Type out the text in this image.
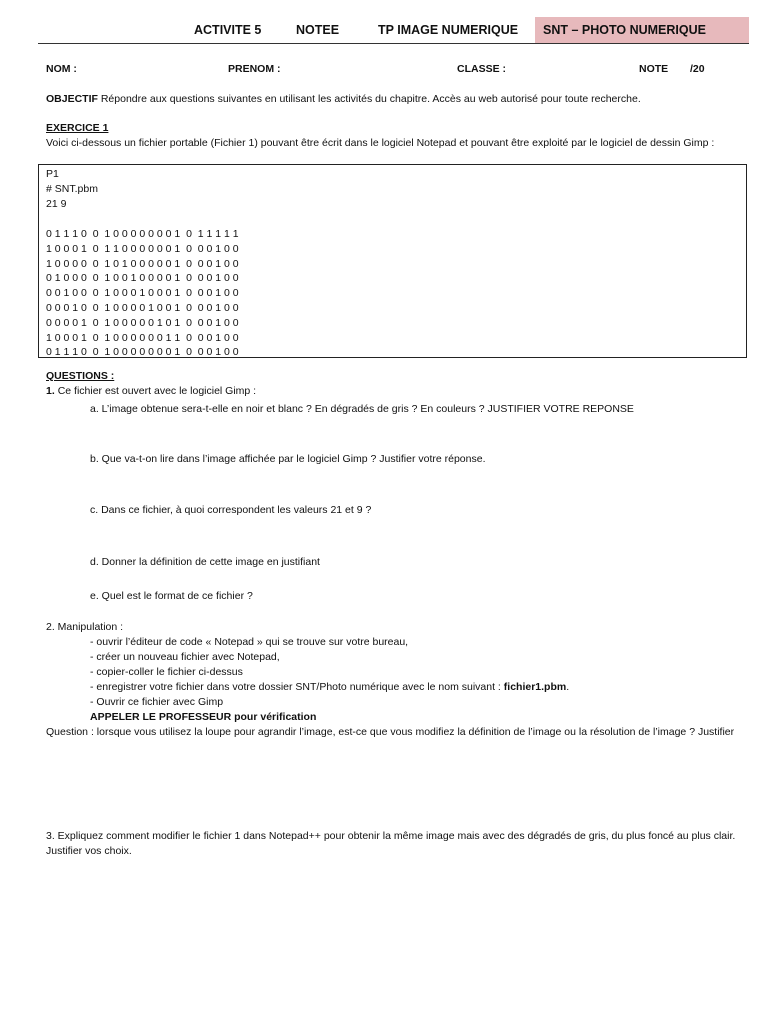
ACTIVITE 5	NOTEE	TP IMAGE NUMERIQUE SNT – PHOTO NUMERIQUE
NOM :	PRENOM :	CLASSE :	NOTE /20
OBJECTIF Répondre aux questions suivantes en utilisant les activités du chapitre. Accès au web autorisé pour toute recherche.
EXERCICE 1
Voici ci-dessous un fichier portable (Fichier 1) pouvant être écrit dans le logiciel Notepad et pouvant être exploité par le logiciel de dessin Gimp :
P1
# SNT.pbm
21 9
0 1 1 1 0  0  1 0 0 0 0 0 0 0 1  0  1 1 1 1 1
1 0 0 0 1  0  1 1 0 0 0 0 0 0 1  0  0 0 1 0 0
1 0 0 0 0  0  1 0 1 0 0 0 0 0 1  0  0 0 1 0 0
0 1 0 0 0  0  1 0 0 1 0 0 0 0 1  0  0 0 1 0 0
0 0 1 0 0  0  1 0 0 0 1 0 0 0 1  0  0 0 1 0 0
0 0 0 1 0  0  1 0 0 0 0 1 0 0 1  0  0 0 1 0 0
0 0 0 0 1  0  1 0 0 0 0 0 1 0 1  0  0 0 1 0 0
1 0 0 0 1  0  1 0 0 0 0 0 0 1 1  0  0 0 1 0 0
0 1 1 1 0  0  1 0 0 0 0 0 0 0 1  0  0 0 1 0 0
QUESTIONS :
1. Ce fichier est ouvert avec le logiciel Gimp :
a. L’image obtenue sera-t-elle en noir et blanc ? En dégradés de gris ? En couleurs ? JUSTIFIER VOTRE REPONSE
b. Que va-t-on lire dans l’image affichée par le logiciel Gimp ? Justifier votre réponse.
c. Dans ce fichier, à quoi correspondent les valeurs 21 et 9 ?
d. Donner la définition de cette image en justifiant
e. Quel est le format de ce fichier ?
2. Manipulation :
- ouvrir l’éditeur de code « Notepad » qui se trouve sur votre bureau,
- créer un nouveau fichier avec Notepad,
- copier-coller le fichier ci-dessus
- enregistrer votre fichier dans votre dossier SNT/Photo numérique avec le nom suivant : fichier1.pbm.
- Ouvrir ce fichier avec Gimp
APPELER LE PROFESSEUR pour vérification
Question : lorsque vous utilisez la loupe pour agrandir l’image, est-ce que vous modifiez la définition de l’image ou la résolution de l’image ? Justifier
3. Expliquez comment modifier le fichier 1 dans Notepad++ pour obtenir la même image mais avec des dégradés de gris, du plus foncé au plus clair. Justifier vos choix.
